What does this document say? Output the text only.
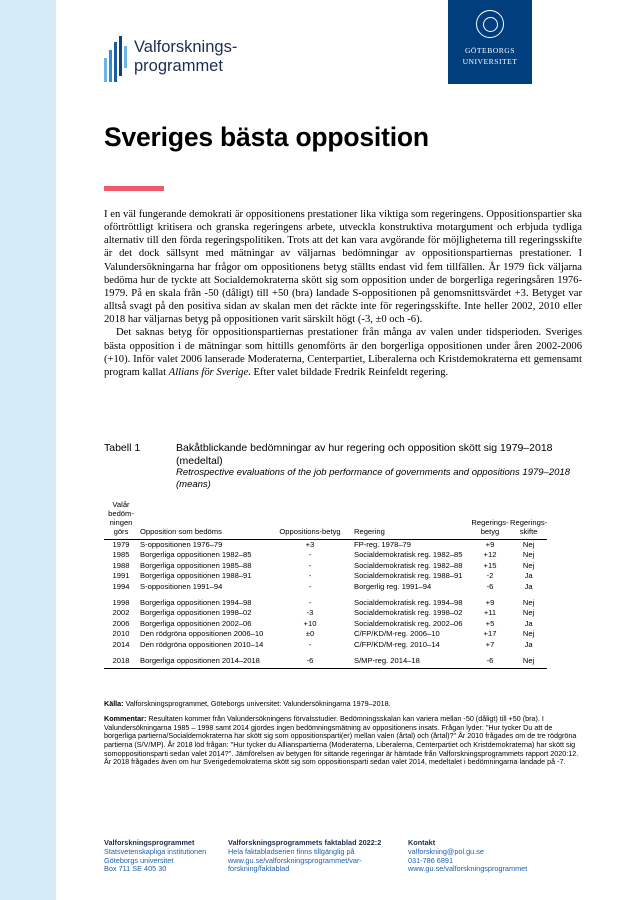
Valforsknings-
programmet
GÖTEBORGS
UNIVERSITET
Sveriges bästa opposition

I en väl fungerande demokrati är oppositionens prestationer lika viktiga som regeringens. Oppositionspartier ska oförtröttligt kritisera och granska regeringens arbete, utveckla konstruktiva motargument och erbjuda tydliga alternativ till den förda regeringspolitiken. Trots att det kan vara avgörande för möjligheterna till regeringsskifte är det dock sällsynt med mätningar av väljarnas bedömningar av oppositionspartiernas prestationer. I Valundersökningarna har frågor om oppositionens betyg ställts endast vid fem tillfällen. År 1979 fick väljarna bedöma hur de tyckte att Socialdemokraterna skött sig som opposition under de borgerliga regeringsåren 1976-1979. På en skala från -50 (dåligt) till +50 (bra) landade S-oppositionen på genomsnittsvärdet +3. Betyget var alltså svagt på den positiva sidan av skalan men det räckte inte för regeringsskifte. Inte heller 2002, 2010 eller 2018 har väljarnas betyg på oppositionen varit särskilt högt (-3, ±0 och -6).

Det saknas betyg för oppositionspartiernas prestationer från många av valen under tidsperioden. Sveriges bästa opposition i de mätningar som hittills genomförts är den borgerliga oppositionen under åren 2002-2006 (+10). Inför valet 2006 lanserade Moderaterna, Centerpartiet, Liberalerna och Kristdemokraterna ett gemensamt program kallat Allians för Sverige. Efter valet bildade Fredrik Reinfeldt regering.

Tabell 1	Bakåtblickande bedömningar av hur regering och opposition skött sig 1979–2018 (medeltal)
Retrospective evaluations of the job performance of governments and oppositions 1979–2018 (means)
Valår bedöm-ningen görs	Opposition som bedöms	Oppositions-betyg	Regering	Regerings-betyg	Regerings-skifte
1979	S-oppositionen 1976–79	+3	FP-reg. 1978–79	+9	Nej
1985	Borgerliga oppositionen 1982–85	-	Socialdemokratisk reg. 1982–85	+12	Nej
1988	Borgerliga oppositionen 1985–88	-	Socialdemokratisk reg. 1982–88	+15	Nej
1991	Borgerliga oppositionen 1988–91	-	Socialdemokratisk reg. 1988–91	-2	Ja
1994	S-oppositionen 1991–94	-	Borgerlig reg. 1991–94	-6	Ja

1998	Borgerliga oppositionen 1994–98	-	Socialdemokratisk reg. 1994–98	+9	Nej
2002	Borgerliga oppositionen 1998–02	-3	Socialdemokratisk reg. 1998–02	+11	Nej
2006	Borgerliga oppositionen 2002–06	+10	Socialdemokratisk reg. 2002–06	+5	Ja
2010	Den rödgröna oppositionen 2006–10	±0	C/FP/KD/M-reg. 2006–10	+17	Nej
2014	Den rödgröna oppositionen 2010–14	-	C/FP/KD/M-reg. 2010–14	+7	Ja

2018	Borgerliga oppositionen 2014–2018	-6	S/MP-reg. 2014–18	-6	Nej
Källa: Valforskningsprogrammet, Göteborgs universitet: Valundersökningarna 1979–2018.
Kommentar: Resultaten kommer från Valundersökningens förvalsstudier. Bedömningsskalan kan variera mellan -50 (dåligt) till +50 (bra). I Valundersökningarna 1985 – 1998 samt 2014 gjordes ingen bedömningsmätning av oppositionens insats. Frågan lyder: "Hur tycker Du att de borgerliga partierna/Socialdemokraterna har skött sig som oppositionsparti(er) mellan valen (årtal) och (årtal)?" År 2010 frågades om de tre rödgröna partierna (S/V/MP). År 2018 löd frågan: "Hur tycker du Allianspartierna (Moderaterna, Liberalerna, Centerpartiet och Kristdemokraterna) har skött sig somoppositionsparti sedan valet 2014?". Jämförelsen av betygen för sittande regeringar är hämtade från Valforskningsprogrammets rapport 2020:12. År 2018 frågades även om hur Sverigedemokraterna skött sig som oppositionsparti sedan valet 2014, medeltalet i bedömningarna landade på -7.
Valforskningsprogrammet
Statsvetenskapliga institutionen
Göteborgs universitet
Box 711 SE 405 30
Valforskningsprogrammets faktablad 2022:2
Hela faktabladserien finns tillgänglig på
www.gu.se/valforskningsprogrammet/var-
forskning/faktablad
Kontakt
valforskning@pol.gu.se
031-786 6891
www.gu.se/valforskningsprogrammet
